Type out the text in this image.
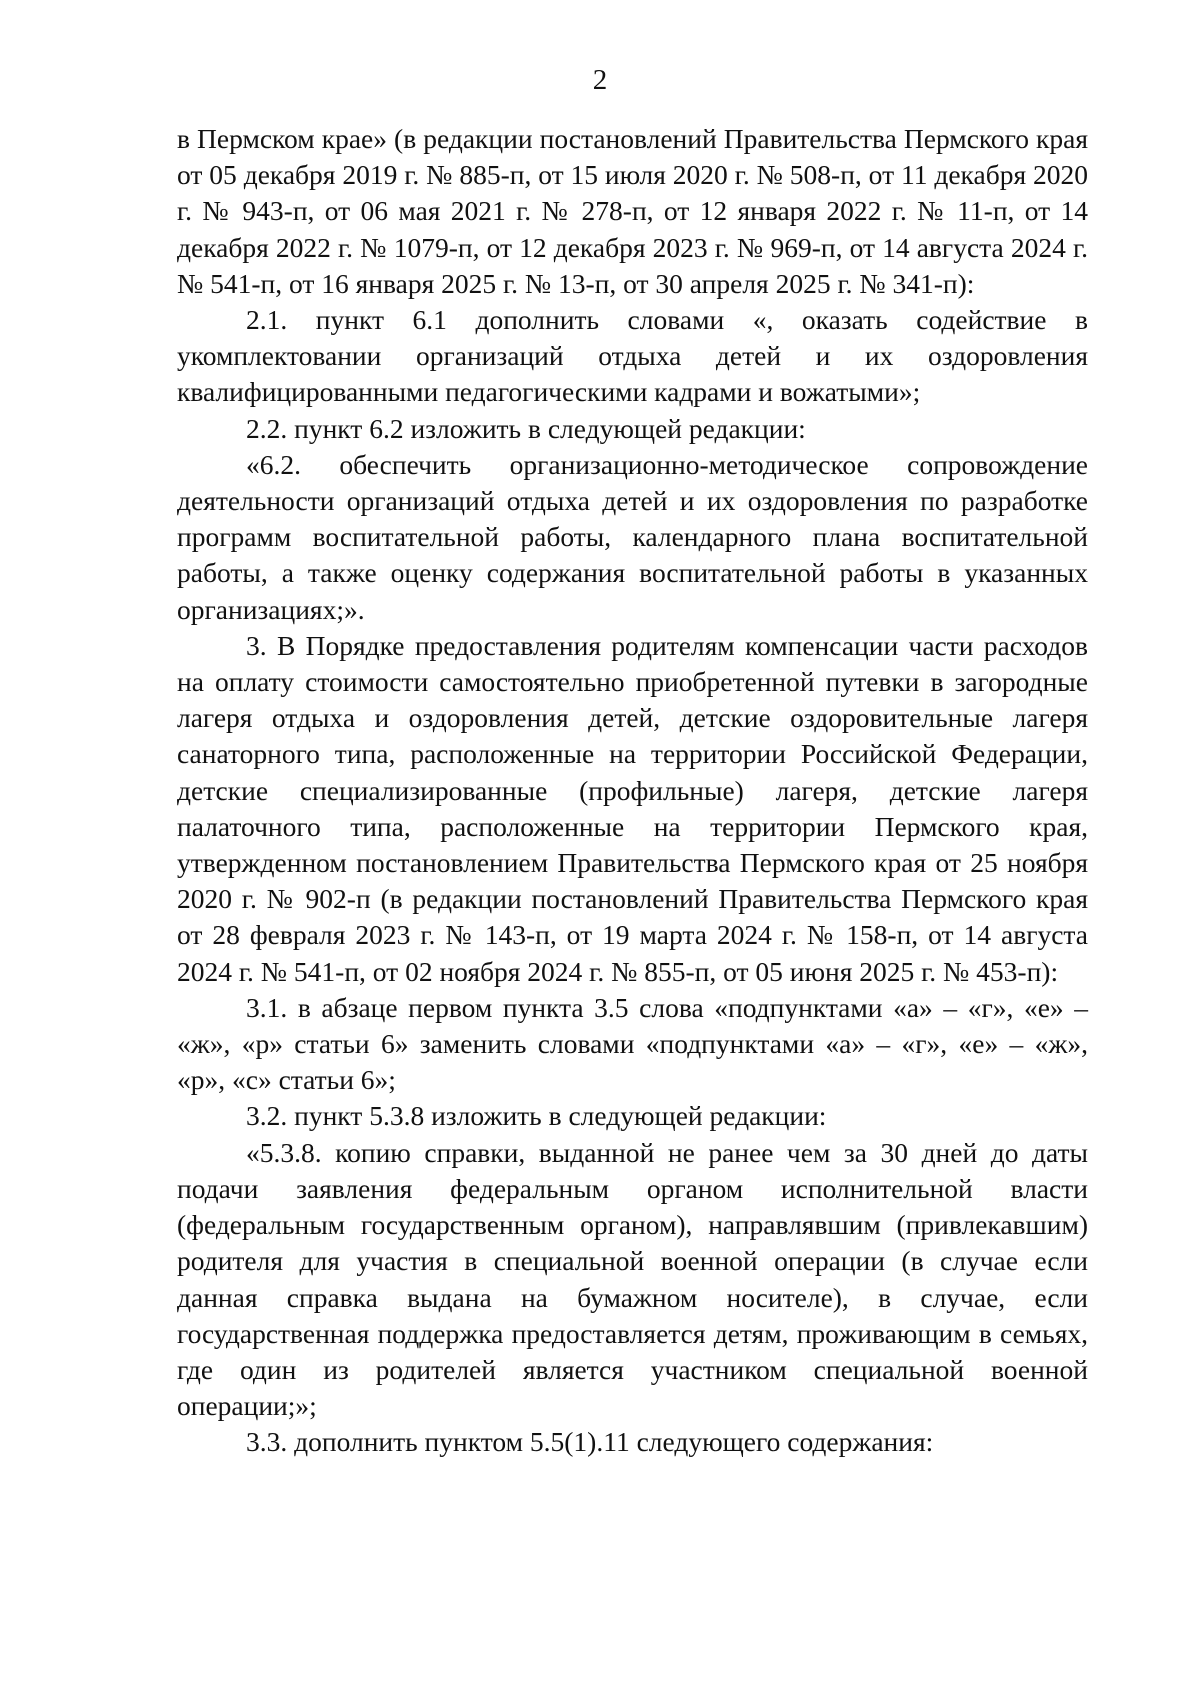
2

в Пермском крае» (в редакции постановлений Правительства Пермского края от 05 декабря 2019 г. № 885-п, от 15 июля 2020 г. № 508-п, от 11 декабря 2020 г. № 943-п, от 06 мая 2021 г. № 278-п, от 12 января 2022 г. № 11-п, от 14 декабря 2022 г. № 1079-п, от 12 декабря 2023 г. № 969-п, от 14 августа 2024 г. № 541-п, от 16 января 2025 г. № 13-п, от 30 апреля 2025 г. № 341-п):

2.1. пункт 6.1 дополнить словами «, оказать содействие в укомплектовании организаций отдыха детей и их оздоровления квалифицированными педагогическими кадрами и вожатыми»;

2.2. пункт 6.2 изложить в следующей редакции:

«6.2. обеспечить организационно-методическое сопровождение деятельности организаций отдыха детей и их оздоровления по разработке программ воспитательной работы, календарного плана воспитательной работы, а также оценку содержания воспитательной работы в указанных организациях;».

3. В Порядке предоставления родителям компенсации части расходов на оплату стоимости самостоятельно приобретенной путевки в загородные лагеря отдыха и оздоровления детей, детские оздоровительные лагеря санаторного типа, расположенные на территории Российской Федерации, детские специализированные (профильные) лагеря, детские лагеря палаточного типа, расположенные на территории Пермского края, утвержденном постановлением Правительства Пермского края от 25 ноября 2020 г. № 902-п (в редакции постановлений Правительства Пермского края от 28 февраля 2023 г. № 143-п, от 19 марта 2024 г. № 158-п, от 14 августа 2024 г. № 541-п, от 02 ноября 2024 г. № 855-п, от 05 июня 2025 г. № 453-п):

3.1. в абзаце первом пункта 3.5 слова «подпунктами «а» – «г», «е» – «ж», «р» статьи 6» заменить словами «подпунктами «а» – «г», «е» – «ж», «р», «с» статьи 6»;

3.2. пункт 5.3.8 изложить в следующей редакции:

«5.3.8. копию справки, выданной не ранее чем за 30 дней до даты подачи заявления федеральным органом исполнительной власти (федеральным государственным органом), направлявшим (привлекавшим) родителя для участия в специальной военной операции (в случае если данная справка выдана на бумажном носителе), в случае, если государственная поддержка предоставляется детям, проживающим в семьях, где один из родителей является участником специальной военной операции;»;

3.3. дополнить пунктом 5.5(1).11 следующего содержания:
